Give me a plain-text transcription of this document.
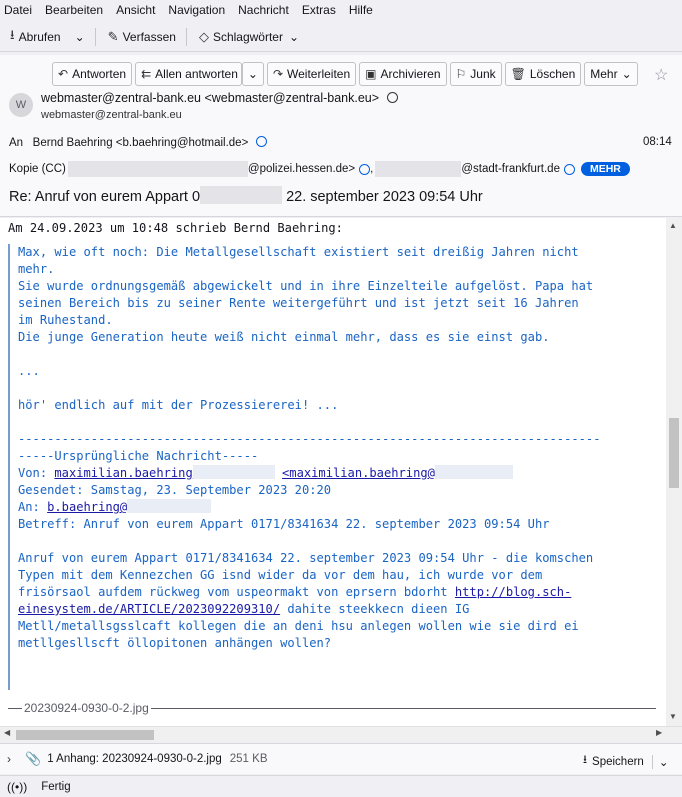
Datei Bearbeiten Ansicht Navigation Nachricht Extras Hilfe
⭳ Abrufen ⌄ ✎ Verfassen ◇ Schlagwörter ⌄
↶ Antworten ⇇ Allen antworten ⌄ ↷ Weiterleiten ▣ Archivieren ⚐ Junk 🗑 Löschen Mehr ⌄ ☆
W	webmaster@zentral-bank.eu <webmaster@zentral-bank.eu>
webmaster@zentral-bank.eu
An Bernd Baehring <b.baehring@hotmail.de>	08:14
Kopie (CC)	@polizei.hessen.de> ,	@stadt-frankfurt.de	MEHR
Re: Anruf von eurem Appart 0	22. september 2023 09:54 Uhr
Am 24.09.2023 um 10:48 schrieb Bernd Baehring:
Max, wie oft noch: Die Metallgesellschaft existiert seit dreißig Jahren nicht
mehr.
Sie wurde ordnungsgemäß abgewickelt und in ihre Einzelteile aufgelöst. Papa hat
seinen Bereich bis zu seiner Rente weitergeführt und ist jetzt seit 16 Jahren
im Ruhestand.
Die junge Generation heute weiß nicht einmal mehr, dass es sie einst gab.

...

hör' endlich auf mit der Prozessiererei! ...

--------------------------------------------------------------------------------
-----Ursprüngliche Nachricht-----
Von: maximilian.baehring	<maximilian.baehring@
Gesendet: Samstag, 23. September 2023 20:20
An: b.baehring@
Betreff: Anruf von eurem Appart 0171/8341634 22. september 2023 09:54 Uhr

Anruf von eurem Appart 0171/8341634 22. september 2023 09:54 Uhr - die komschen
Typen mit dem Kennezchen GG isnd wider da vor dem hau, ich wurde vor dem
frisörsaol aufdem rückweg vom uspeormakt von eprsern bdorht http://blog.sch-
einesystem.de/ARTICLE/2023092209310/ dahite steekkecn dieen IG
Metll/metallsgsslcaft kollegen die an deni hsu anlegen wollen wie sie dird ei
metllgesllscft öllopitonen anhängen wollen?
20230924-0930-0-2.jpg
▲
▼
◀	▶
› 📎 1 Anhang: 20230924-0930-0-2.jpg 251 KB	⭳ Speichern	⌄
((•)) Fertig
